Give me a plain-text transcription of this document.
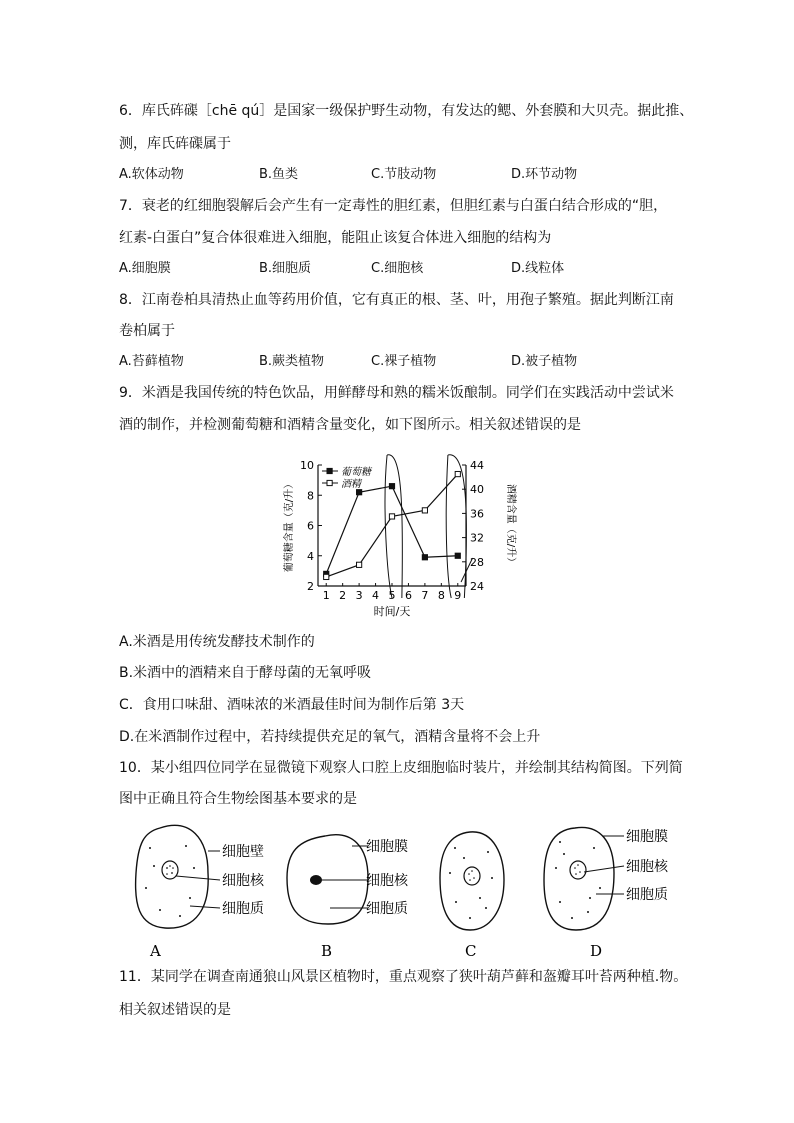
6．库氏砗磲［chē qú］是国家一级保护野生动物，有发达的鳃、外套膜和大贝壳。据此推、
测，库氏砗磲属于
A.软体动物	B.鱼类	C.节肢动物	D.环节动物
7．衰老的红细胞裂解后会产生有一定毒性的胆红素，但胆红素与白蛋白结合形成的“胆，
红素-白蛋白”复合体很难进入细胞，能阻止该复合体进入细胞的结构为
A.细胞膜	B.细胞质	C.细胞核	D.线粒体
8．江南卷柏具清热止血等药用价值，它有真正的根、茎、叶，用孢子繁殖。据此判断江南
卷柏属于
A.苔藓植物	B.蕨类植物	C.裸子植物	D.被子植物
9．米酒是我国传统的特色饮品，用鲜酵母和熟的糯米饭酿制。同学们在实践活动中尝试米
酒的制作，并检测葡萄糖和酒精含量变化，如下图所示。相关叙述错误的是
2
4
6
8
10
24
28
32
36
40
44
1 2 3 4 5 6 7 8 9
时间/天
葡萄糖含量（克/升）	酒精含量（克/升）
葡萄糖
酒精
A.米酒是用传统发酵技术制作的
B.米酒中的酒精来自于酵母菌的无氧呼吸
C．食用口味甜、酒味浓的米酒最佳时间为制作后第 3天
D.在米酒制作过程中，若持续提供充足的氧气，酒精含量将不会上升
10．某小组四位同学在显微镜下观察人口腔上皮细胞临时装片，并绘制其结构简图。下列简
图中正确且符合生物绘图基本要求的是
细胞壁
细胞核
细胞质
A
细胞膜
细胞核
细胞质
B	C
细胞膜
细胞核
细胞质
D
11．某同学在调查南通狼山风景区植物时，重点观察了狭叶葫芦藓和盔瓣耳叶苔两种植.物。
相关叙述错误的是
